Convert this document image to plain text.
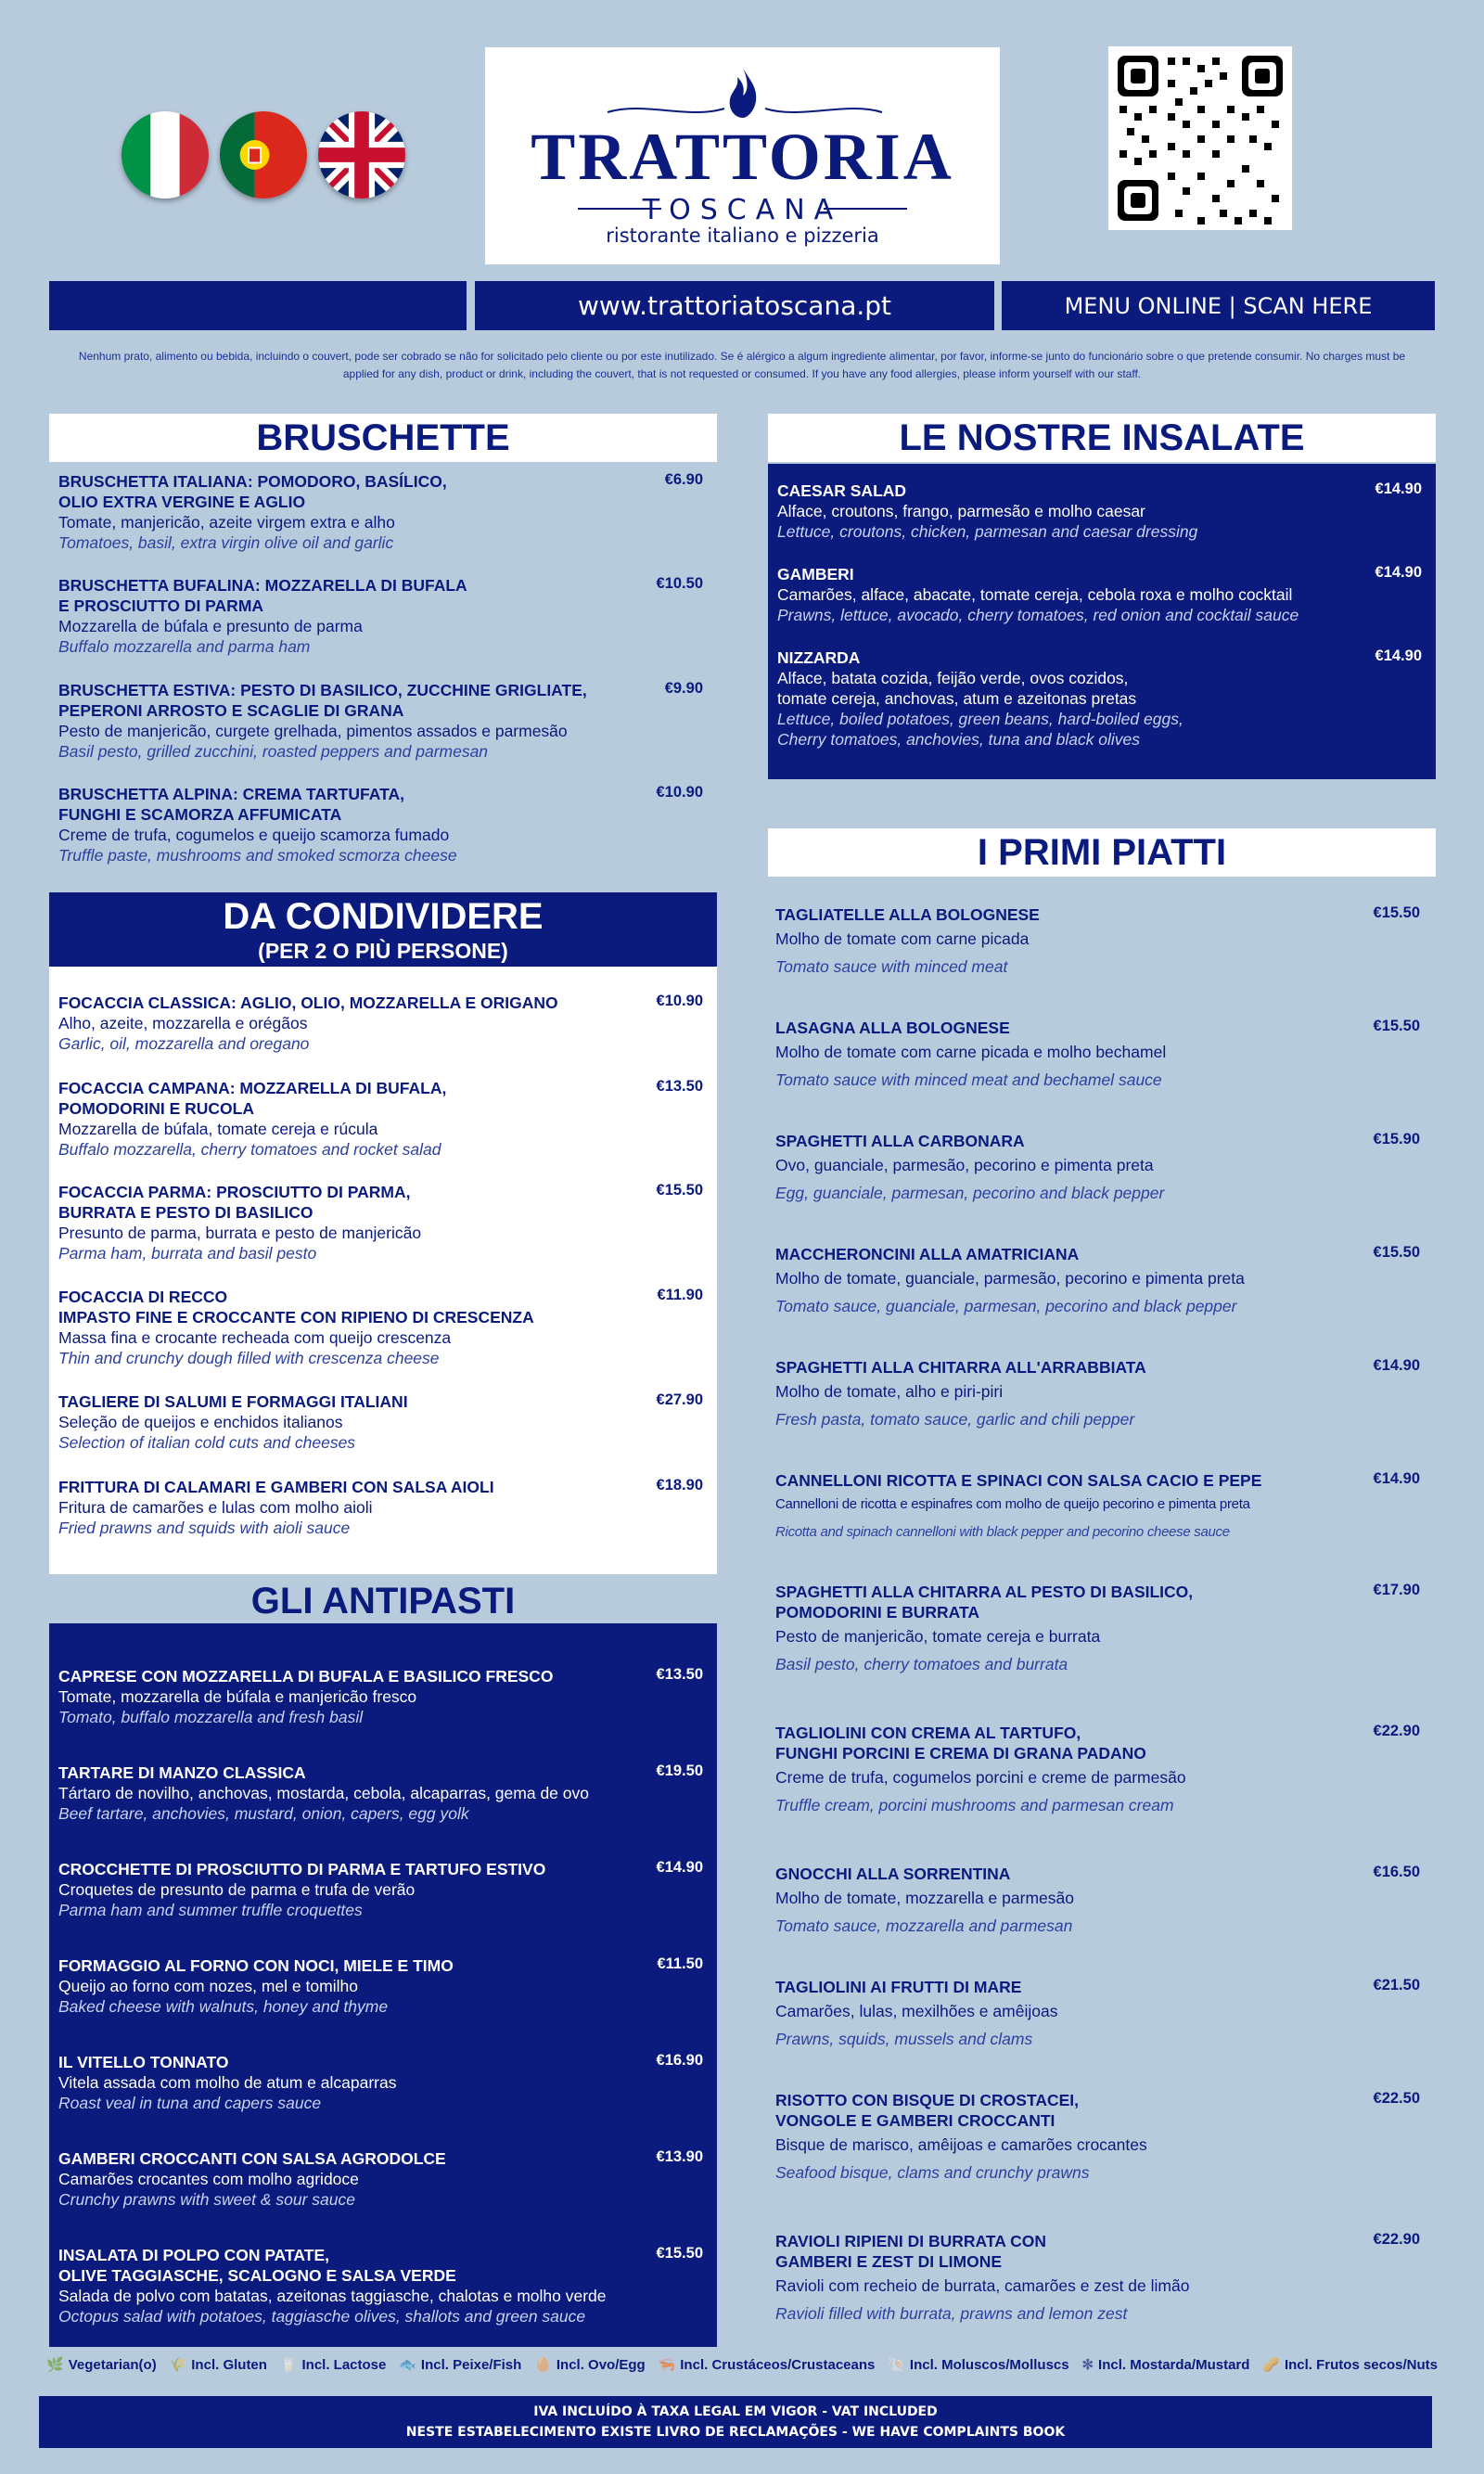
TRATTORIA
TOSCANA
ristorante italiano e pizzeria
www.trattoriatoscana.pt	MENU ONLINE | SCAN HERE
Nenhum prato, alimento ou bebida, incluindo o couvert, pode ser cobrado se não for solicitado pelo cliente ou por este inutilizado. Se é alérgico a algum ingrediente alimentar, por favor, informe-se junto do funcionário sobre o que pretende consumir. No charges must be applied for any dish, product or drink, including the couvert, that is not requested or consumed. If you have any food allergies, please inform yourself with our staff.
BRUSCHETTE
BRUSCHETTA ITALIANA: POMODORO, BASÍLICO,
OLIO EXTRA VERGINE E AGLIO
€6.90
Tomate, manjericão, azeite virgem extra e alho
Tomatoes, basil, extra virgin olive oil and garlic
BRUSCHETTA BUFALINA: MOZZARELLA DI BUFALA
E PROSCIUTTO DI PARMA
€10.50
Mozzarella de búfala e presunto de parma
Buffalo mozzarella and parma ham
BRUSCHETTA ESTIVA: PESTO DI BASILICO, ZUCCHINE GRIGLIATE,
PEPERONI ARROSTO E SCAGLIE DI GRANA
€9.90
Pesto de manjericão, curgete grelhada, pimentos assados e parmesão
Basil pesto, grilled zucchini, roasted peppers and parmesan
BRUSCHETTA ALPINA: CREMA TARTUFATA,
FUNGHI E SCAMORZA AFFUMICATA
€10.90
Creme de trufa, cogumelos e queijo scamorza fumado
Truffle paste, mushrooms and smoked scmorza cheese
DA CONDIVIDERE
(PER 2 O PIÙ PERSONE)
FOCACCIA CLASSICA: AGLIO, OLIO, MOZZARELLA E ORIGANO	€10.90
Alho, azeite, mozzarella e orégãos
Garlic, oil, mozzarella and oregano
FOCACCIA CAMPANA: MOZZARELLA DI BUFALA,
POMODORINI E RUCOLA
€13.50
Mozzarella de búfala, tomate cereja e rúcula
Buffalo mozzarella, cherry tomatoes and rocket salad
FOCACCIA PARMA: PROSCIUTTO DI PARMA,
BURRATA E PESTO DI BASILICO
€15.50
Presunto de parma, burrata e pesto de manjericão
Parma ham, burrata and basil pesto
FOCACCIA DI RECCO
IMPASTO FINE E CROCCANTE CON RIPIENO DI CRESCENZA
€11.90
Massa fina e crocante recheada com queijo crescenza
Thin and crunchy dough filled with crescenza cheese
TAGLIERE DI SALUMI E FORMAGGI ITALIANI	€27.90
Seleção de queijos e enchidos italianos
Selection of italian cold cuts and cheeses
FRITTURA DI CALAMARI E GAMBERI CON SALSA AIOLI	€18.90
Fritura de camarões e lulas com molho aioli
Fried prawns and squids with aioli sauce
GLI ANTIPASTI
CAPRESE CON MOZZARELLA DI BUFALA E BASILICO FRESCO	€13.50
Tomate, mozzarella de búfala e manjericão fresco
Tomato, buffalo mozzarella and fresh basil
TARTARE DI MANZO CLASSICA	€19.50
Tártaro de novilho, anchovas, mostarda, cebola, alcaparras, gema de ovo
Beef tartare, anchovies, mustard, onion, capers, egg yolk
CROCCHETTE DI PROSCIUTTO DI PARMA E TARTUFO ESTIVO	€14.90
Croquetes de presunto de parma e trufa de verão
Parma ham and summer truffle croquettes
FORMAGGIO AL FORNO CON NOCI, MIELE E TIMO	€11.50
Queijo ao forno com nozes, mel e tomilho
Baked cheese with walnuts, honey and thyme
IL VITELLO TONNATO	€16.90
Vitela assada com molho de atum e alcaparras
Roast veal in tuna and capers sauce
GAMBERI CROCCANTI CON SALSA AGRODOLCE	€13.90
Camarões crocantes com molho agridoce
Crunchy prawns with sweet & sour sauce
INSALATA DI POLPO CON PATATE,
OLIVE TAGGIASCHE, SCALOGNO E SALSA VERDE
€15.50
Salada de polvo com batatas, azeitonas taggiasche, chalotas e molho verde
Octopus salad with potatoes, taggiasche olives, shallots and green sauce
LE NOSTRE INSALATE
CAESAR SALAD	€14.90
Alface, croutons, frango, parmesão e molho caesar
Lettuce, croutons, chicken, parmesan and caesar dressing
GAMBERI	€14.90
Camarões, alface, abacate, tomate cereja, cebola roxa e molho cocktail
Prawns, lettuce, avocado, cherry tomatoes, red onion and cocktail sauce
NIZZARDA	€14.90
Alface, batata cozida, feijão verde, ovos cozidos,
tomate cereja, anchovas, atum e azeitonas pretas
Lettuce, boiled potatoes, green beans, hard-boiled eggs,
Cherry tomatoes, anchovies, tuna and black olives
I PRIMI PIATTI
TAGLIATELLE ALLA BOLOGNESE	€15.50
Molho de tomate com carne picada
Tomato sauce with minced meat
LASAGNA ALLA BOLOGNESE	€15.50
Molho de tomate com carne picada e molho bechamel
Tomato sauce with minced meat and bechamel sauce
SPAGHETTI ALLA CARBONARA	€15.90
Ovo, guanciale, parmesão, pecorino e pimenta preta
Egg, guanciale, parmesan, pecorino and black pepper
MACCHERONCINI ALLA AMATRICIANA	€15.50
Molho de tomate, guanciale, parmesão, pecorino e pimenta preta
Tomato sauce, guanciale, parmesan, pecorino and black pepper
SPAGHETTI ALLA CHITARRA ALL'ARRABBIATA	€14.90
Molho de tomate, alho e piri-piri
Fresh pasta, tomato sauce, garlic and chili pepper
CANNELLONI RICOTTA E SPINACI CON SALSA CACIO E PEPE	€14.90
Cannelloni de ricotta e espinafres com molho de queijo pecorino e pimenta preta
Ricotta and spinach cannelloni with black pepper and pecorino cheese sauce
SPAGHETTI ALLA CHITARRA AL PESTO DI BASILICO,
POMODORINI E BURRATA
€17.90
Pesto de manjericão, tomate cereja e burrata
Basil pesto, cherry tomatoes and burrata
TAGLIOLINI CON CREMA AL TARTUFO,
FUNGHI PORCINI E CREMA DI GRANA PADANO
€22.90
Creme de trufa, cogumelos porcini e creme de parmesão
Truffle cream, porcini mushrooms and parmesan cream
GNOCCHI ALLA SORRENTINA	€16.50
Molho de tomate, mozzarella e parmesão
Tomato sauce, mozzarella and parmesan
TAGLIOLINI AI FRUTTI DI MARE	€21.50
Camarões, lulas, mexilhões e amêijoas
Prawns, squids, mussels and clams
RISOTTO CON BISQUE DI CROSTACEI,
VONGOLE E GAMBERI CROCCANTI
€22.50
Bisque de marisco, amêijoas e camarões crocantes
Seafood bisque, clams and crunchy prawns
RAVIOLI RIPIENI DI BURRATA CON
GAMBERI E ZEST DI LIMONE
€22.90
Ravioli com recheio de burrata, camarões e zest de limão
Ravioli filled with burrata, prawns and lemon zest
🌿 Vegetarian(o) 🌾 Incl. Gluten 🥛 Incl. Lactose 🐟 Incl. Peixe/Fish 🥚 Incl. Ovo/Egg 🦐 Incl. Crustáceos/Crustaceans 🐚 Incl. Moluscos/Molluscs ✻ Incl. Mostarda/Mustard 🥜 Incl. Frutos secos/Nuts
IVA INCLUÍDO À TAXA LEGAL EM VIGOR - VAT INCLUDED
NESTE ESTABELECIMENTO EXISTE LIVRO DE RECLAMAÇÕES - WE HAVE COMPLAINTS BOOK
